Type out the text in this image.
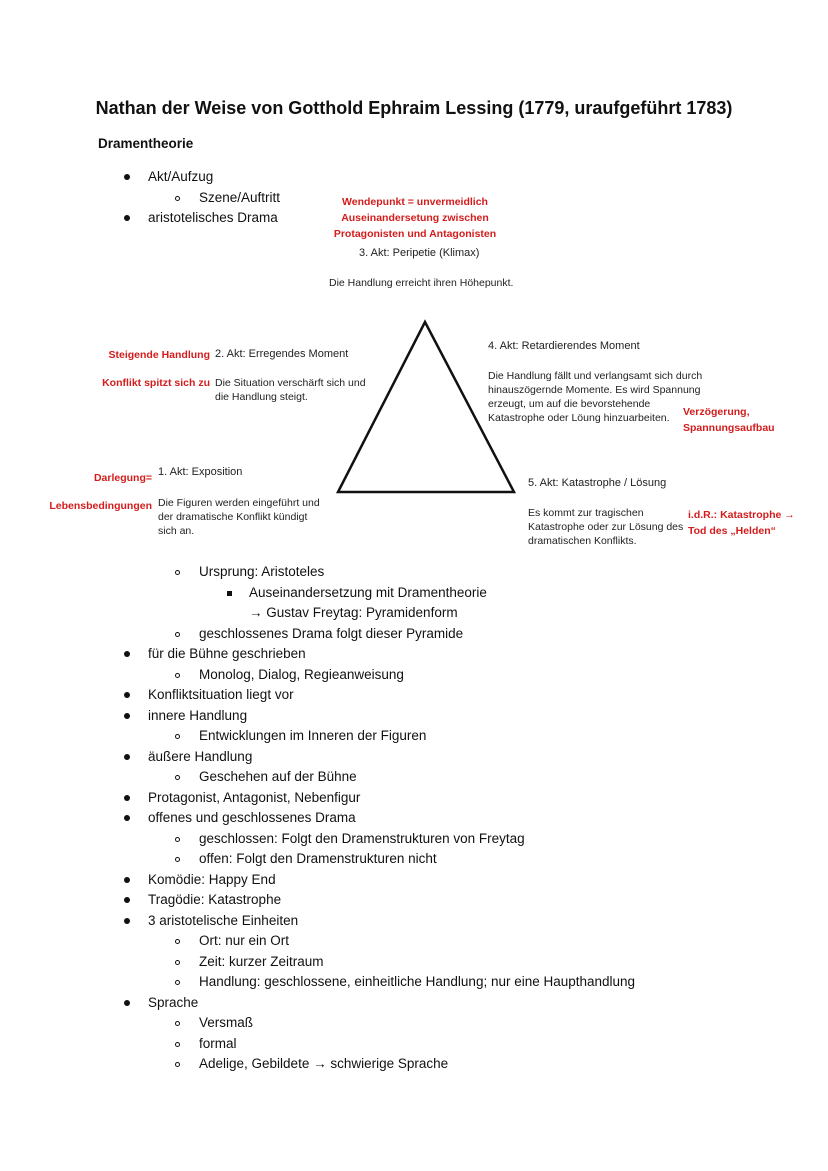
Nathan der Weise von Gotthold Ephraim Lessing (1779, uraufgeführt 1783)
Dramentheorie
Akt/Aufzug
Szene/Auftritt
aristotelisches Drama
Wendepunkt = unvermeidlich
Auseinandersetung zwischen
Protagonisten und Antagonisten
3. Akt: Peripetie (Klimax)
Die Handlung erreicht ihren Höhepunkt.
Steigende Handlung
Konflikt spitzt sich zu
2. Akt: Erregendes Moment
Die Situation verschärft sich und
die Handlung steigt.
4. Akt: Retardierendes Moment
Die Handlung fällt und verlangsamt sich durch
hinauszögernde Momente. Es wird Spannung
erzeugt, um auf die bevorstehende
Katastrophe oder Löung hinzuarbeiten.	Verzögerung,
Spannungsaufbau
Darlegung=
Lebensbedingungen
1. Akt: Exposition
Die Figuren werden eingeführt und
der dramatische Konflikt kündigt
sich an.
5. Akt: Katastrophe / Lösung
Es kommt zur tragischen
Katastrophe oder zur Lösung des
dramatischen Konflikts.
i.d.R.: Katastrophe →
Tod des „Helden“
Ursprung: Aristoteles
Auseinandersetzung mit Dramentheorie
→ Gustav Freytag: Pyramidenform
geschlossenes Drama folgt dieser Pyramide
für die Bühne geschrieben
Monolog, Dialog, Regieanweisung
Konfliktsituation liegt vor
innere Handlung
Entwicklungen im Inneren der Figuren
äußere Handlung
Geschehen auf der Bühne
Protagonist, Antagonist, Nebenfigur
offenes und geschlossenes Drama
geschlossen: Folgt den Dramenstrukturen von Freytag
offen: Folgt den Dramenstrukturen nicht
Komödie: Happy End
Tragödie: Katastrophe
3 aristotelische Einheiten
Ort: nur ein Ort
Zeit: kurzer Zeitraum
Handlung: geschlossene, einheitliche Handlung; nur eine Haupthandlung
Sprache
Versmaß
formal
Adelige, Gebildete → schwierige Sprache
